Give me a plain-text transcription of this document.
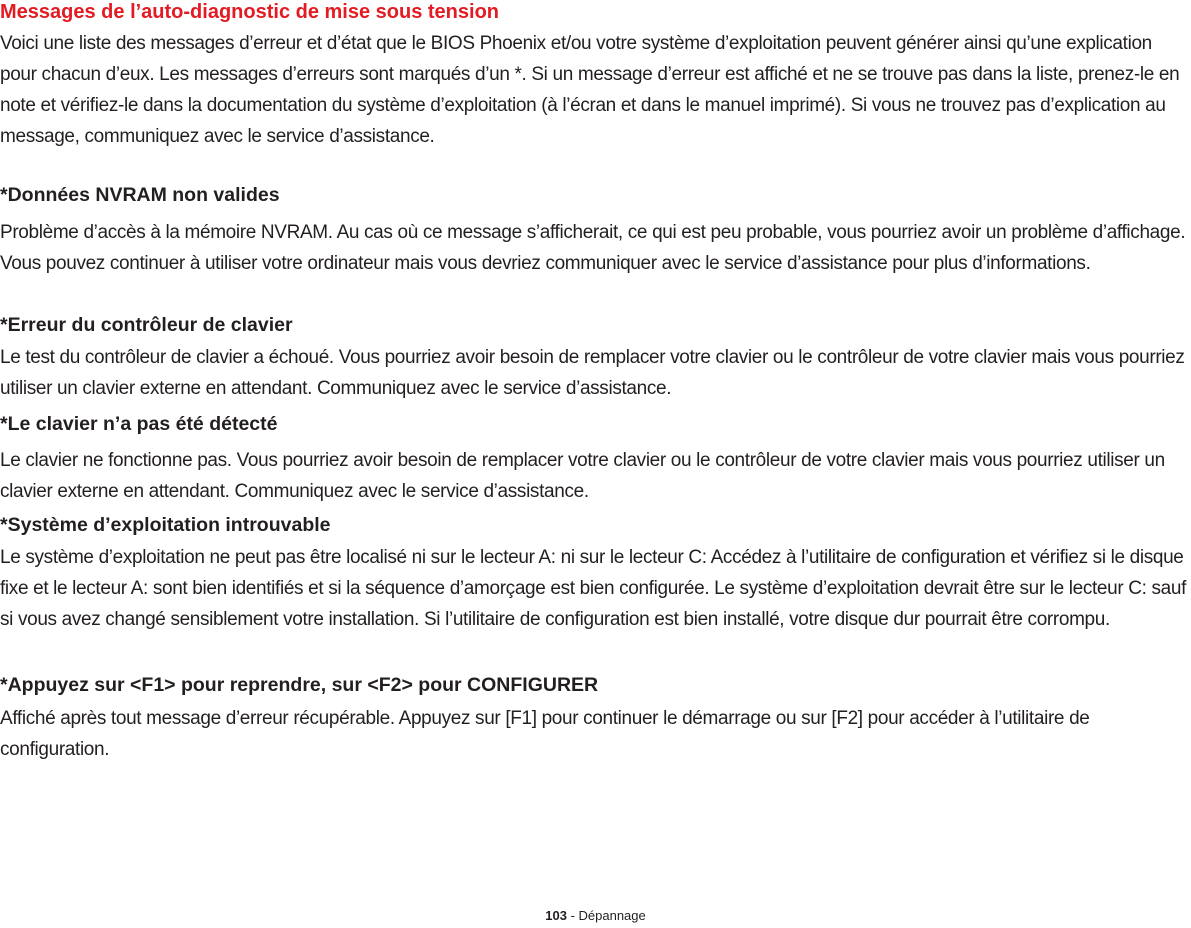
Messages de l’auto-diagnostic de mise sous tension

Voici une liste des messages d’erreur et d’état que le BIOS Phoenix et/ou votre système d’exploitation peuvent générer ainsi qu’une explication pour chacun d’eux. Les messages d’erreurs sont marqués d’un *. Si un message d’erreur est affiché et ne se trouve pas dans la liste, prenez-le en note et vérifiez-le dans la documentation du système d’exploitation (à l’écran et dans le manuel imprimé). Si vous ne trouvez pas d’explication au message, communiquez avec le service d’assistance.

*Données NVRAM non valides

Problème d’accès à la mémoire NVRAM. Au cas où ce message s’afficherait, ce qui est peu probable, vous pourriez avoir un problème d’affichage. Vous pouvez continuer à utiliser votre ordinateur mais vous devriez communiquer avec le service d’assistance pour plus d’informations.

*Erreur du contrôleur de clavier

Le test du contrôleur de clavier a échoué. Vous pourriez avoir besoin de remplacer votre clavier ou le contrôleur de votre clavier mais vous pourriez utiliser un clavier externe en attendant. Communiquez avec le service d’assistance.

*Le clavier n’a pas été détecté

Le clavier ne fonctionne pas. Vous pourriez avoir besoin de remplacer votre clavier ou le contrôleur de votre clavier mais vous pourriez utiliser un clavier externe en attendant. Communiquez avec le service d’assistance.

*Système d’exploitation introuvable

Le système d’exploitation ne peut pas être localisé ni sur le lecteur A: ni sur le lecteur C: Accédez à l’utilitaire de configuration et vérifiez si le disque fixe et le lecteur A: sont bien identifiés et si la séquence d’amorçage est bien configurée. Le système d’exploitation devrait être sur le lecteur C: sauf si vous avez changé sensiblement votre installation. Si l’utilitaire de configuration est bien installé, votre disque dur pourrait être corrompu.

*Appuyez sur <F1> pour reprendre, sur <F2> pour CONFIGURER

Affiché après tout message d’erreur récupérable. Appuyez sur [F1] pour continuer le démarrage ou sur [F2] pour accéder à l’utilitaire de configuration.

103 - Dépannage
